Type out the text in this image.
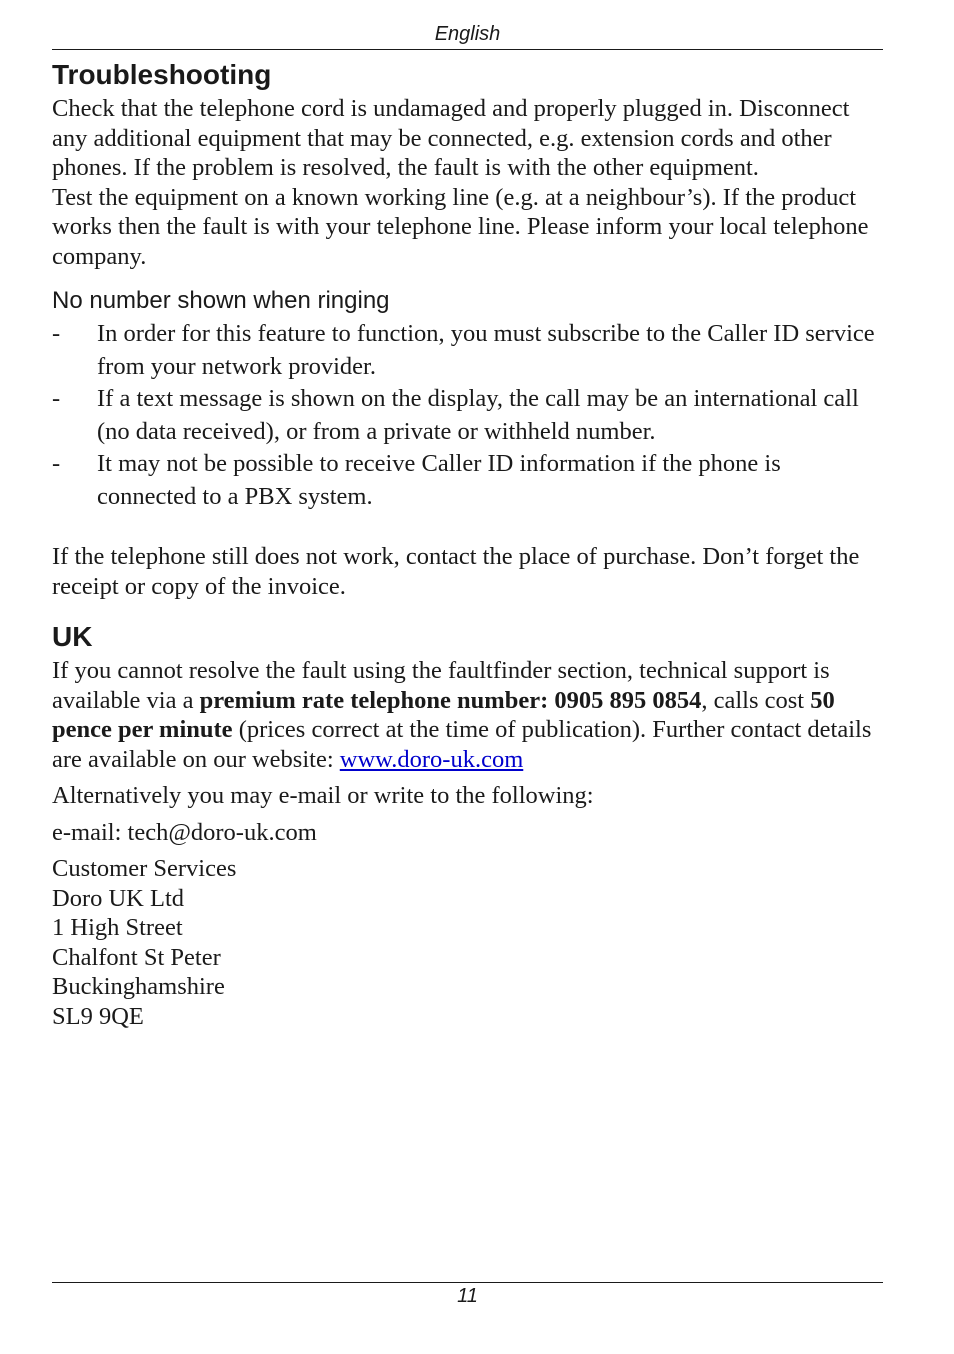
English
Troubleshooting

Check that the telephone cord is undamaged and properly plugged in. Disconnect any additional equipment that may be connected, e.g. extension cords and other phones. If the problem is resolved, the fault is with the other equipment.

Test the equipment on a known working line (e.g. at a neighbour’s). If the product works then the fault is with your telephone line. Please inform your local telephone company.

No number shown when ringing
- In order for this feature to function, you must subscribe to the Caller ID service from your network provider.
- If a text message is shown on the display, the call may be an international call (no data received), or from a private or withheld number.
- It may not be possible to receive Caller ID information if the phone is connected to a PBX system.

If the telephone still does not work, contact the place of purchase. Don’t forget the receipt or copy of the invoice.

UK

If you cannot resolve the fault using the faultfinder section, technical support is available via a premium rate telephone number: 0905 895 0854, calls cost 50 pence per minute (prices correct at the time of publication). Further contact details are available on our website: www.doro-uk.com

Alternatively you may e-mail or write to the following:

e-mail: tech@doro-uk.com

Customer Services

Doro UK Ltd

1 High Street

Chalfont St Peter

Buckinghamshire

SL9 9QE

11
